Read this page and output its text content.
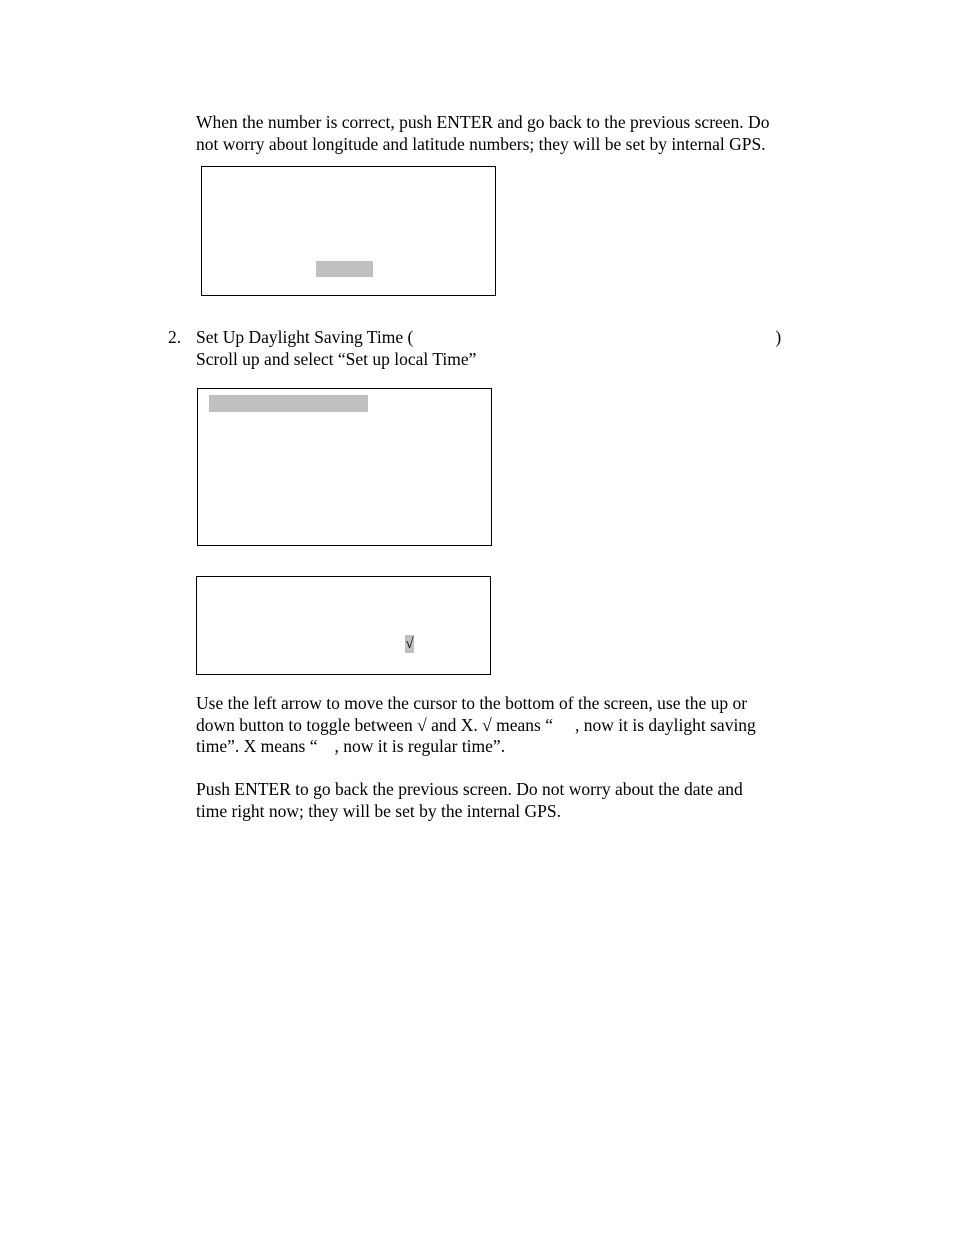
When the number is correct, push ENTER and go back to the previous screen. Do
not worry about longitude and latitude numbers; they will be set by internal GPS.

2. Set Up Daylight Saving Time (	)
Scroll up and select “Set up local Time”

√

Use the left arrow to move the cursor to the bottom of the screen, use the up or
down button to toggle between √ and X. √ means “ , now it is daylight saving
time”. X means “ , now it is regular time”.

Push ENTER to go back the previous screen. Do not worry about the date and
time right now; they will be set by the internal GPS.
